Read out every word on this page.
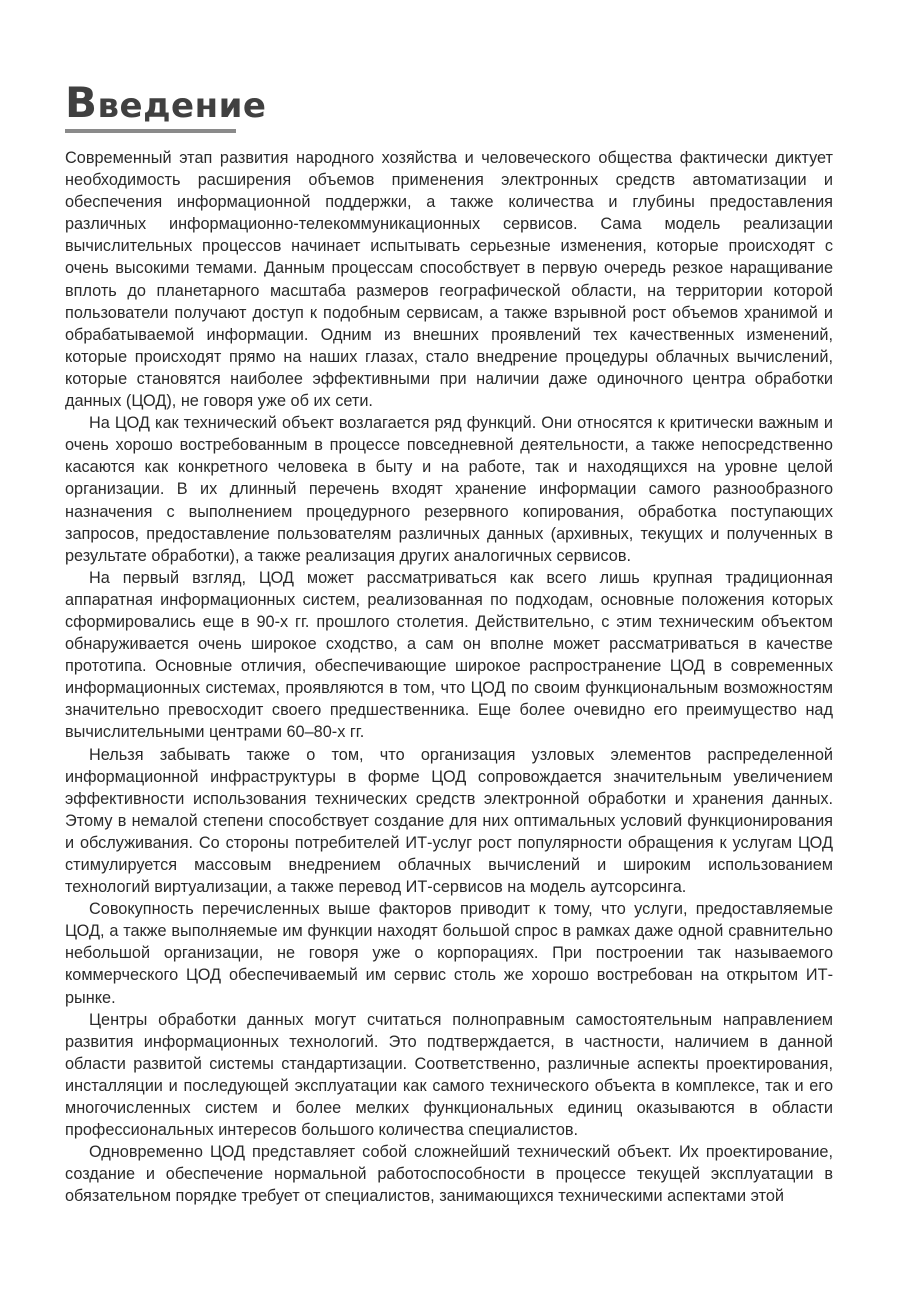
Введение

Современный этап развития народного хозяйства и человеческого общества фактически диктует необходимость расширения объемов применения электронных средств автоматизации и обеспечения информационной поддержки, а также количества и глубины предоставления различных информационно-телекоммуникационных сервисов. Сама модель реализации вычислительных процессов начинает испытывать серьезные изменения, которые происходят с очень высокими темами. Данным процессам способствует в первую очередь резкое наращивание вплоть до планетарного масштаба размеров географической области, на территории которой пользователи получают доступ к подобным сервисам, а также взрывной рост объемов хранимой и обрабатываемой информации. Одним из внешних проявлений тех качественных изменений, которые происходят прямо на наших глазах, стало внедрение процедуры облачных вычислений, которые становятся наиболее эффективными при наличии даже одиночного центра обработки данных (ЦОД), не говоря уже об их сети.

На ЦОД как технический объект возлагается ряд функций. Они относятся к критически важным и очень хорошо востребованным в процессе повседневной деятельности, а также непосредственно касаются как конкретного человека в быту и на работе, так и находящихся на уровне целой организации. В их длинный перечень входят хранение информации самого разнообразного назначения с выполнением процедурного резервного копирования, обработка поступающих запросов, предоставление пользователям различных данных (архивных, текущих и полученных в результате обработки), а также реализация других аналогичных сервисов.

На первый взгляд, ЦОД может рассматриваться как всего лишь крупная традиционная аппаратная информационных систем, реализованная по подходам, основные положения которых сформировались еще в 90-х гг. прошлого столетия. Действительно, с этим техническим объектом обнаруживается очень широкое сходство, а сам он вполне может рассматриваться в качестве прототипа. Основные отличия, обеспечивающие широкое распространение ЦОД в современных информационных системах, проявляются в том, что ЦОД по своим функциональным возможностям значительно превосходит своего предшественника. Еще более очевидно его преимущество над вычислительными центрами 60–80-х гг.

Нельзя забывать также о том, что организация узловых элементов распределенной информационной инфраструктуры в форме ЦОД сопровождается значительным увеличением эффективности использования технических средств электронной обработки и хранения данных. Этому в немалой степени способствует создание для них оптимальных условий функционирования и обслуживания. Со стороны потребителей ИТ-услуг рост популярности обращения к услугам ЦОД стимулируется массовым внедрением облачных вычислений и широким использованием технологий виртуализации, а также перевод ИТ-сервисов на модель аутсорсинга.

Совокупность перечисленных выше факторов приводит к тому, что услуги, предоставляемые ЦОД, а также выполняемые им функции находят большой спрос в рамках даже одной сравнительно небольшой организации, не говоря уже о корпорациях. При построении так называемого коммерческого ЦОД обеспечиваемый им сервис столь же хорошо востребован на открытом ИТ-рынке.

Центры обработки данных могут считаться полноправным самостоятельным направлением развития информационных технологий. Это подтверждается, в частности, наличием в данной области развитой системы стандартизации. Соответственно, различные аспекты проектирования, инсталляции и последующей эксплуатации как самого технического объекта в комплексе, так и его многочисленных систем и более мелких функциональных единиц оказываются в области профессиональных интересов большого количества специалистов.

Одновременно ЦОД представляет собой сложнейший технический объект. Их проектирование, создание и обеспечение нормальной работоспособности в процессе текущей эксплуатации в обязательном порядке требует от специалистов, занимающихся техническими аспектами этой
